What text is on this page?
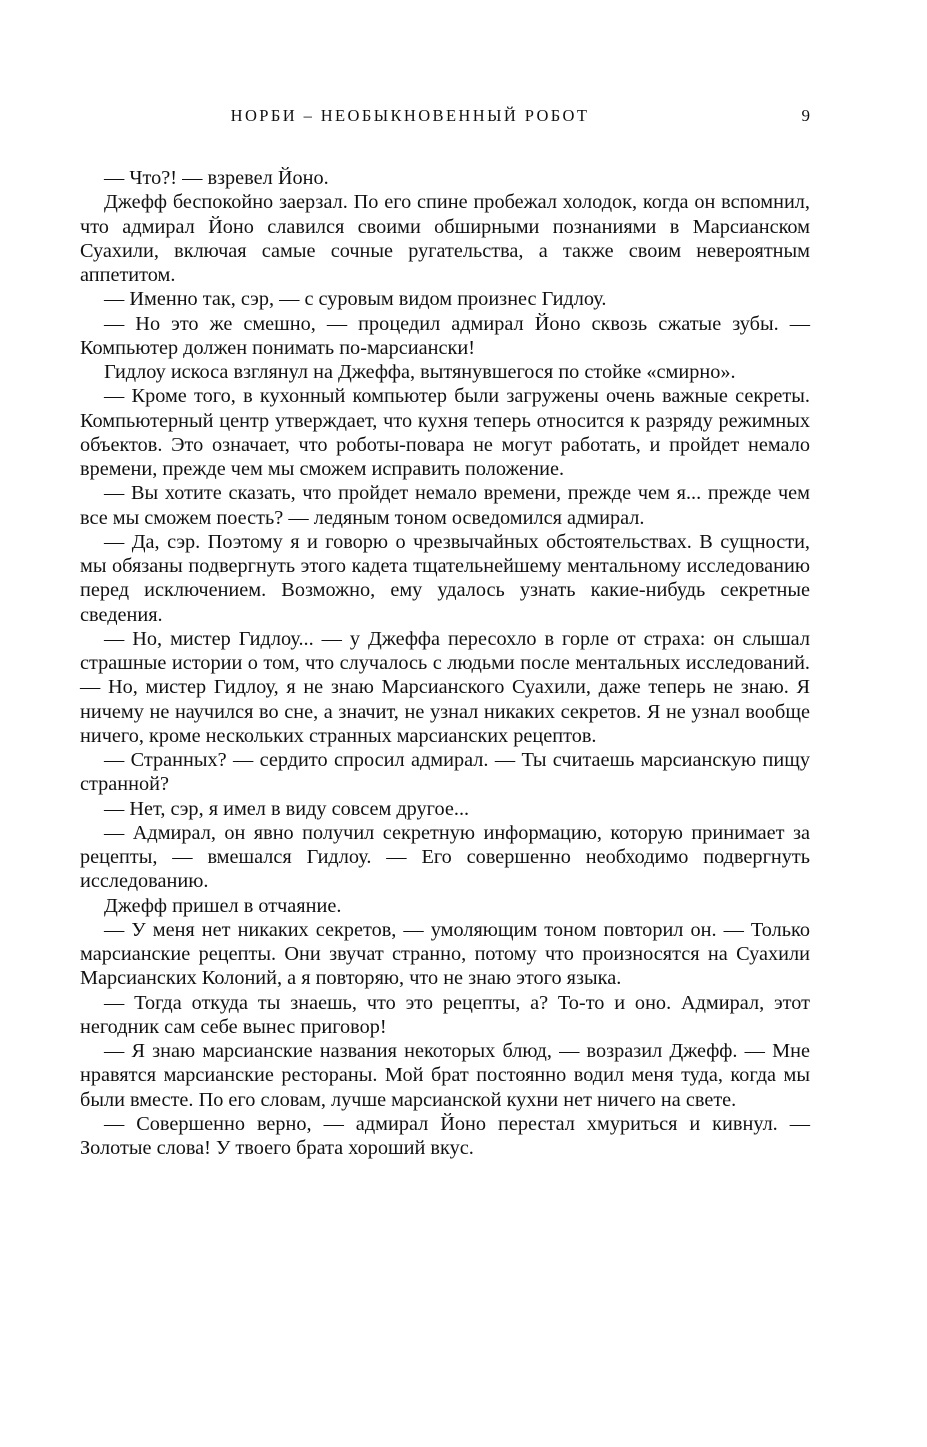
НОРБИ – НЕОБЫКНОВЕННЫЙ РОБОТ	9

— Что?! — взревел Йоно.

Джефф беспокойно заерзал. По его спине пробежал холодок, когда он вспомнил, что адмирал Йоно славился своими обширными познаниями в Марсианском Суахили, включая самые сочные ругательства, а также своим невероятным аппетитом.

— Именно так, сэр, — с суровым видом произнес Гидлоу.

— Но это же смешно, — процедил адмирал Йоно сквозь сжатые зубы. — Компьютер должен понимать по-марсиански!

Гидлоу искоса взглянул на Джеффа, вытянувшегося по стойке «смирно».

— Кроме того, в кухонный компьютер были загружены очень важные секреты. Компьютерный центр утверждает, что кухня теперь относится к разряду режимных объектов. Это означает, что роботы-повара не могут работать, и пройдет немало времени, прежде чем мы сможем исправить положение.

— Вы хотите сказать, что пройдет немало времени, прежде чем я... прежде чем все мы сможем поесть? — ледяным тоном осведомился адмирал.

— Да, сэр. Поэтому я и говорю о чрезвычайных обстоятельствах. В сущности, мы обязаны подвергнуть этого кадета тщательнейшему ментальному исследованию перед исключением. Возможно, ему удалось узнать какие-нибудь секретные сведения.

— Но, мистер Гидлоу... — у Джеффа пересохло в горле от страха: он слышал страшные истории о том, что случалось с людьми после ментальных исследований. — Но, мистер Гидлоу, я не знаю Марсианского Суахили, даже теперь не знаю. Я ничему не научился во сне, а значит, не узнал никаких секретов. Я не узнал вообще ничего, кроме нескольких странных марсианских рецептов.

— Странных? — сердито спросил адмирал. — Ты считаешь марсианскую пищу странной?

— Нет, сэр, я имел в виду совсем другое...

— Адмирал, он явно получил секретную информацию, которую принимает за рецепты, — вмешался Гидлоу. — Его совершенно необходимо подвергнуть исследованию.

Джефф пришел в отчаяние.

— У меня нет никаких секретов, — умоляющим тоном повторил он. — Только марсианские рецепты. Они звучат странно, потому что произносятся на Суахили Марсианских Колоний, а я повторяю, что не знаю этого языка.

— Тогда откуда ты знаешь, что это рецепты, а? То-то и оно. Адмирал, этот негодник сам себе вынес приговор!

— Я знаю марсианские названия некоторых блюд, — возразил Джефф. — Мне нравятся марсианские рестораны. Мой брат постоянно водил меня туда, когда мы были вместе. По его словам, лучше марсианской кухни нет ничего на свете.

— Совершенно верно, — адмирал Йоно перестал хмуриться и кивнул. — Золотые слова! У твоего брата хороший вкус.
